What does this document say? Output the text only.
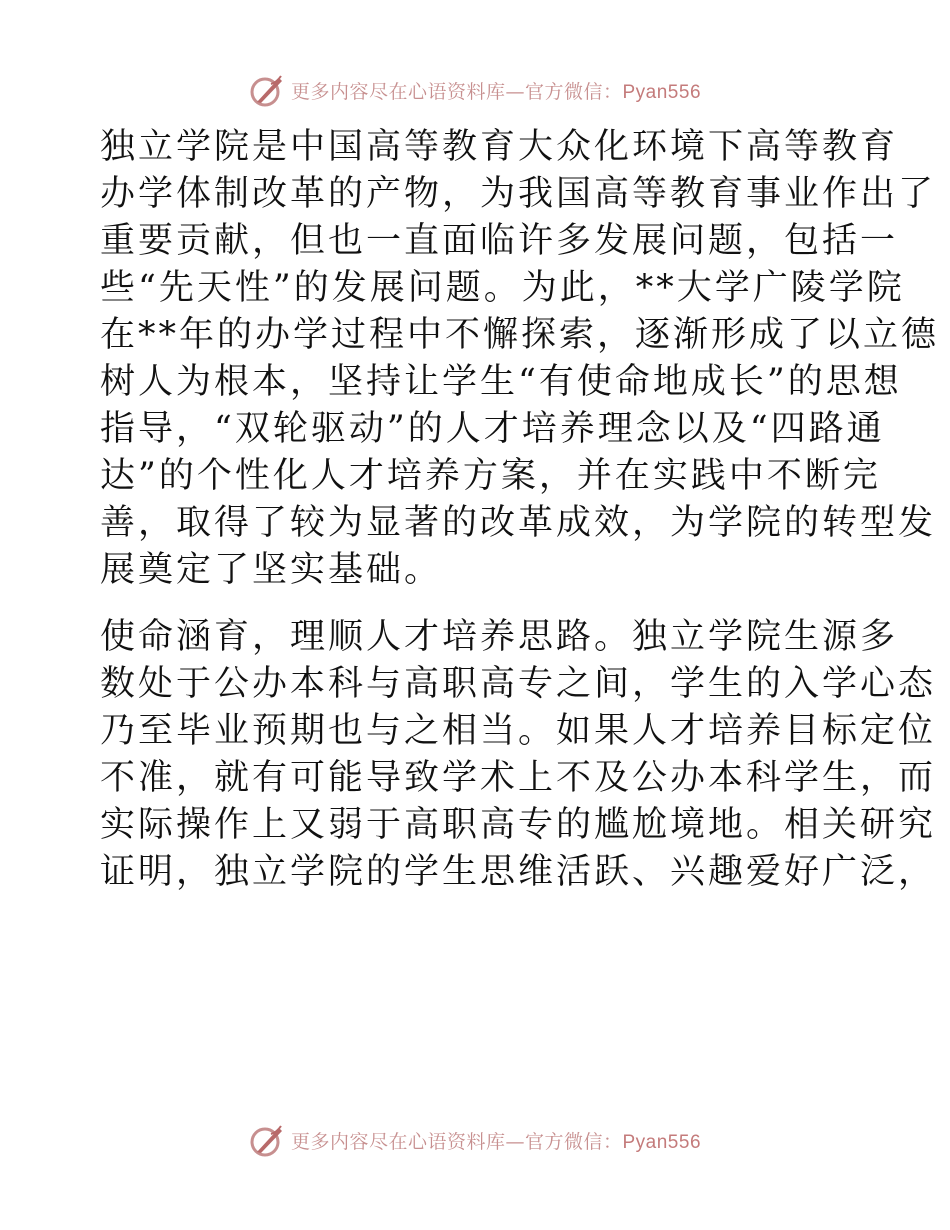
更多内容尽在心语资料库—官方微信：Pyan556
独立学院是中国高等教育大众化环境下高等教育
办学体制改革的产物，为我国高等教育事业作出了
重要贡献，但也一直面临许多发展问题，包括一
些“先天性”的发展问题。为此，**大学广陵学院
在**年的办学过程中不懈探索，逐渐形成了以立德
树人为根本，坚持让学生“有使命地成长”的思想
指导，“双轮驱动”的人才培养理念以及“四路通
达”的个性化人才培养方案，并在实践中不断完
善，取得了较为显著的改革成效，为学院的转型发
展奠定了坚实基础。
使命涵育，理顺人才培养思路。独立学院生源多
数处于公办本科与高职高专之间，学生的入学心态
乃至毕业预期也与之相当。如果人才培养目标定位
不准，就有可能导致学术上不及公办本科学生，而
实际操作上又弱于高职高专的尴尬境地。相关研究
证明，独立学院的学生思维活跃、兴趣爱好广泛，
更多内容尽在心语资料库—官方微信：Pyan556
